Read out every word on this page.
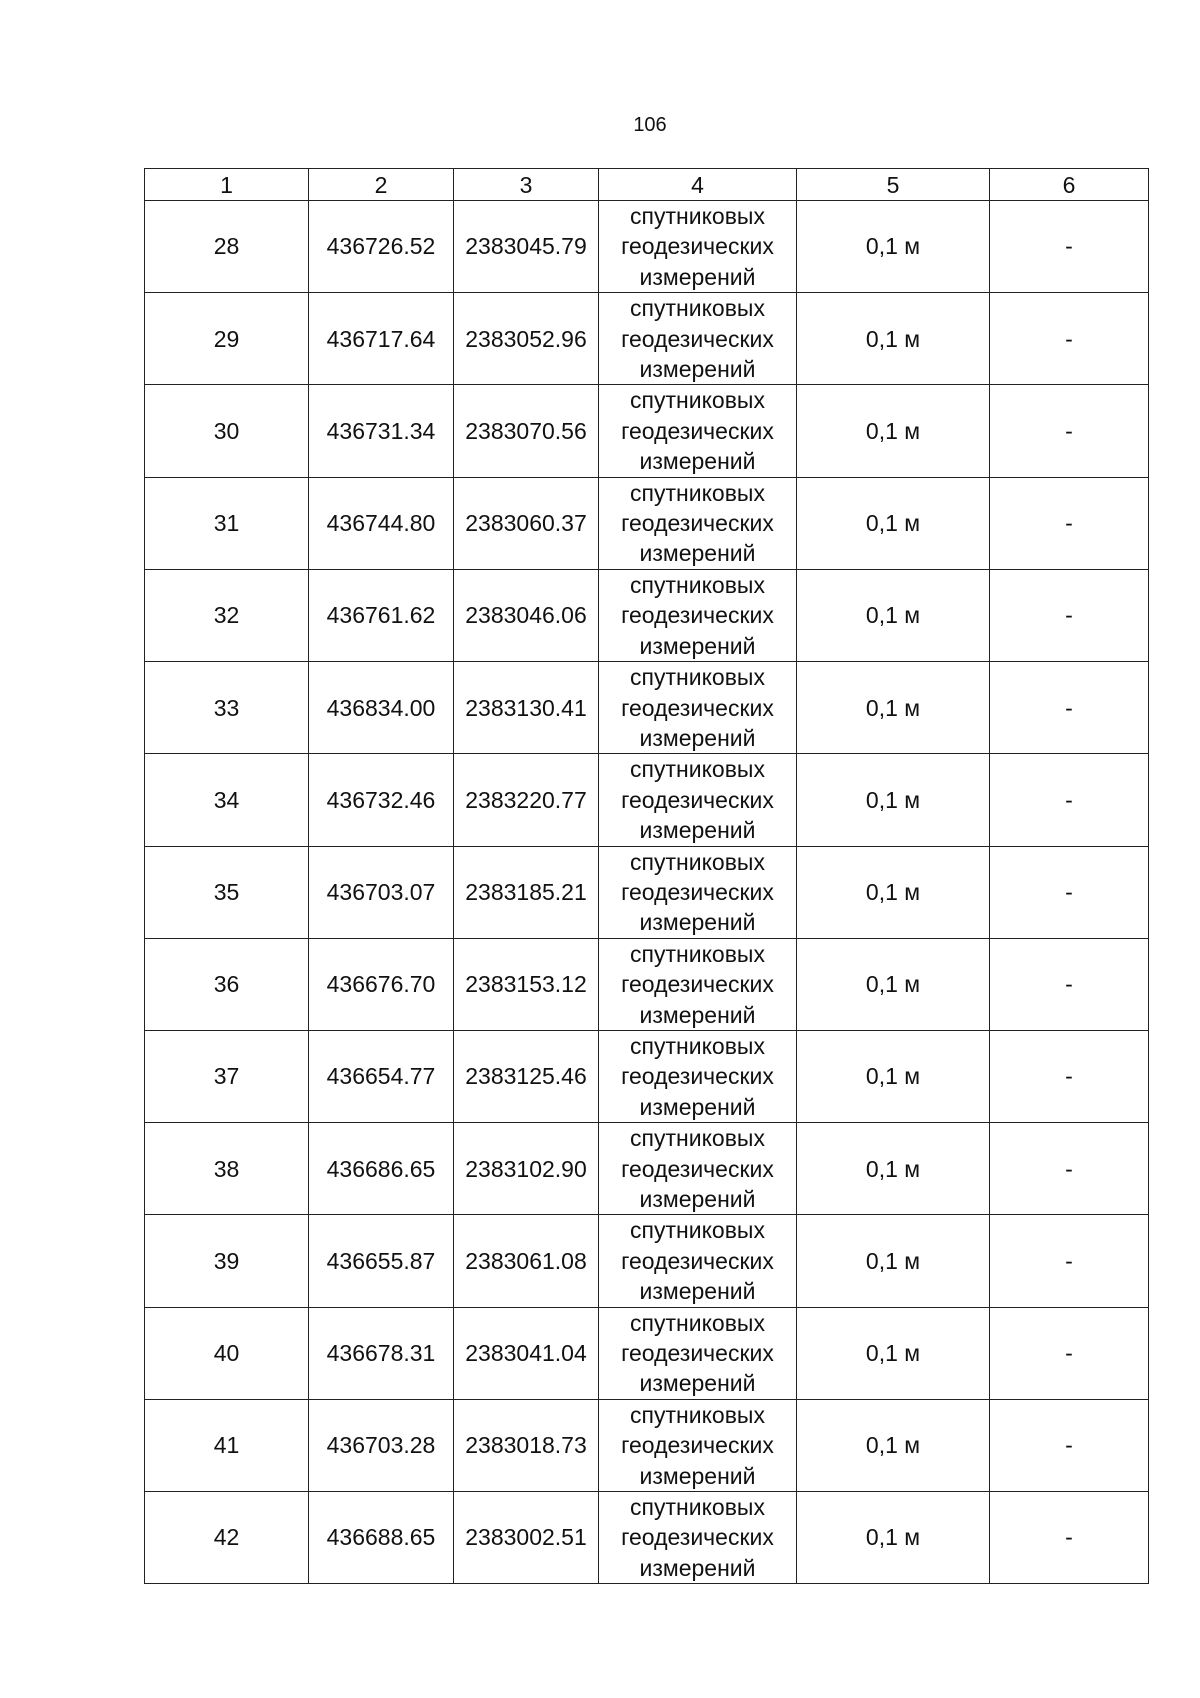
106
1	2	3	4	5	6
28	436726.52	2383045.79	спутниковых
геодезических
измерений	0,1 м	-
29	436717.64	2383052.96	спутниковых
геодезических
измерений	0,1 м	-
30	436731.34	2383070.56	спутниковых
геодезических
измерений	0,1 м	-
31	436744.80	2383060.37	спутниковых
геодезических
измерений	0,1 м	-
32	436761.62	2383046.06	спутниковых
геодезических
измерений	0,1 м	-
33	436834.00	2383130.41	спутниковых
геодезических
измерений	0,1 м	-
34	436732.46	2383220.77	спутниковых
геодезических
измерений	0,1 м	-
35	436703.07	2383185.21	спутниковых
геодезических
измерений	0,1 м	-
36	436676.70	2383153.12	спутниковых
геодезических
измерений	0,1 м	-
37	436654.77	2383125.46	спутниковых
геодезических
измерений	0,1 м	-
38	436686.65	2383102.90	спутниковых
геодезических
измерений	0,1 м	-
39	436655.87	2383061.08	спутниковых
геодезических
измерений	0,1 м	-
40	436678.31	2383041.04	спутниковых
геодезических
измерений	0,1 м	-
41	436703.28	2383018.73	спутниковых
геодезических
измерений	0,1 м	-
42	436688.65	2383002.51	спутниковых
геодезических
измерений	0,1 м	-
